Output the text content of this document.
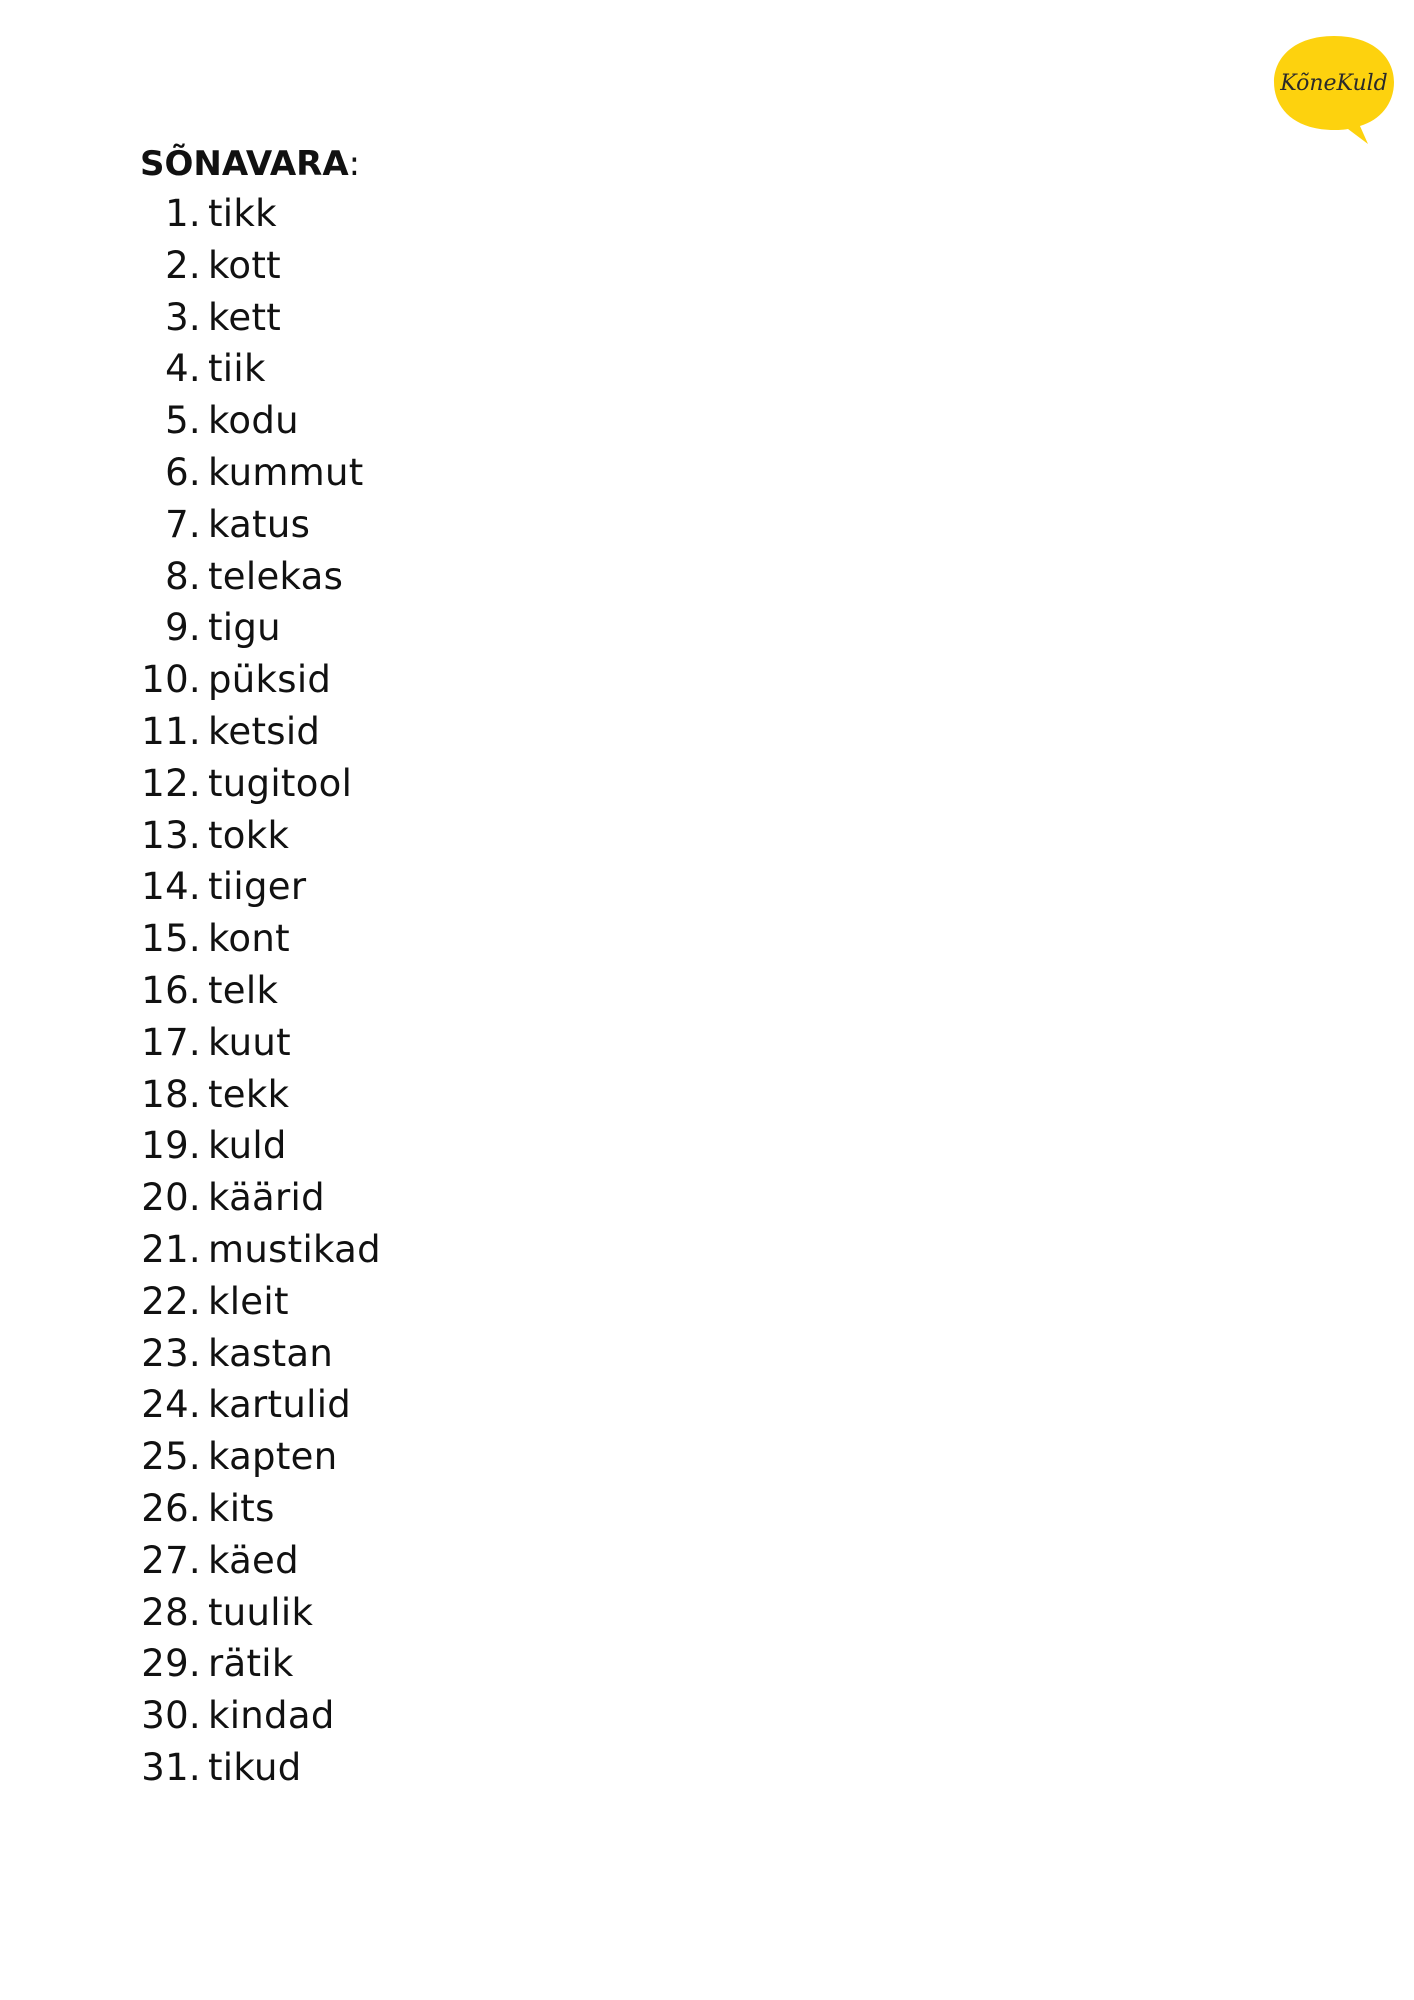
KõneKuld
SÕNAVARA:
1. tikk
2. kott
3. kett
4. tiik
5. kodu
6. kummut
7. katus
8. telekas
9. tigu
10. püksid
11. ketsid
12. tugitool
13. tokk
14. tiiger
15. kont
16. telk
17. kuut
18. tekk
19. kuld
20. käärid
21. mustikad
22. kleit
23. kastan
24. kartulid
25. kapten
26. kits
27. käed
28. tuulik
29. rätik
30. kindad
31. tikud
